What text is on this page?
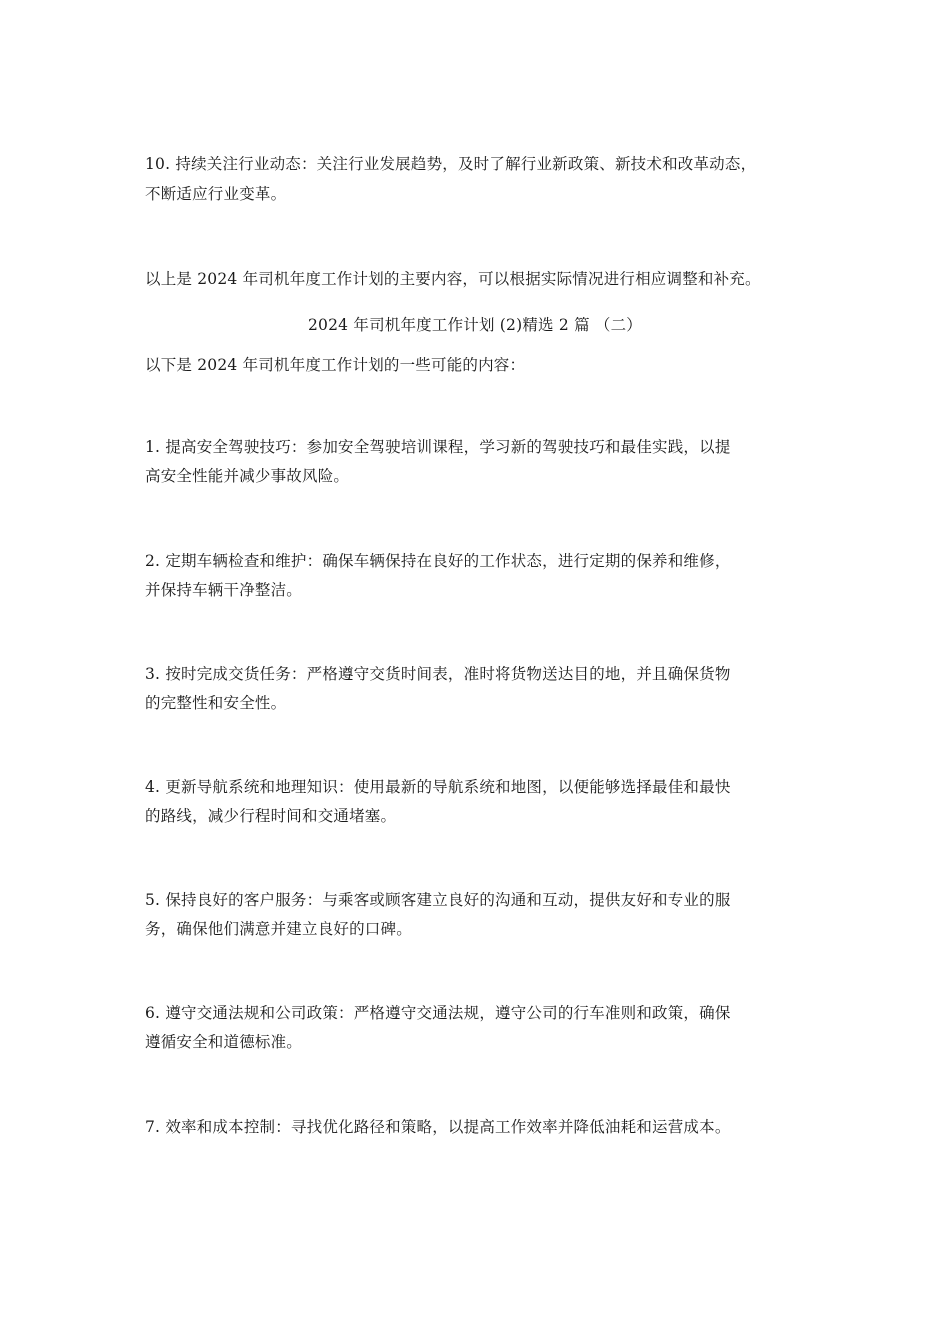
10. 持续关注行业动态：关注行业发展趋势，及时了解行业新政策、新技术和改革动态，
不断适应行业变革。
以上是 2024 年司机年度工作计划的主要内容，可以根据实际情况进行相应调整和补充。
2024 年司机年度工作计划 (2)精选 2 篇 （二）
以下是 2024 年司机年度工作计划的一些可能的内容：
1. 提高安全驾驶技巧：参加安全驾驶培训课程，学习新的驾驶技巧和最佳实践，以提
高安全性能并减少事故风险。
2. 定期车辆检查和维护：确保车辆保持在良好的工作状态，进行定期的保养和维修，
并保持车辆干净整洁。
3. 按时完成交货任务：严格遵守交货时间表，准时将货物送达目的地，并且确保货物
的完整性和安全性。
4. 更新导航系统和地理知识：使用最新的导航系统和地图，以便能够选择最佳和最快
的路线，减少行程时间和交通堵塞。
5. 保持良好的客户服务：与乘客或顾客建立良好的沟通和互动，提供友好和专业的服
务，确保他们满意并建立良好的口碑。
6. 遵守交通法规和公司政策：严格遵守交通法规，遵守公司的行车准则和政策，确保
遵循安全和道德标准。
7. 效率和成本控制：寻找优化路径和策略，以提高工作效率并降低油耗和运营成本。
